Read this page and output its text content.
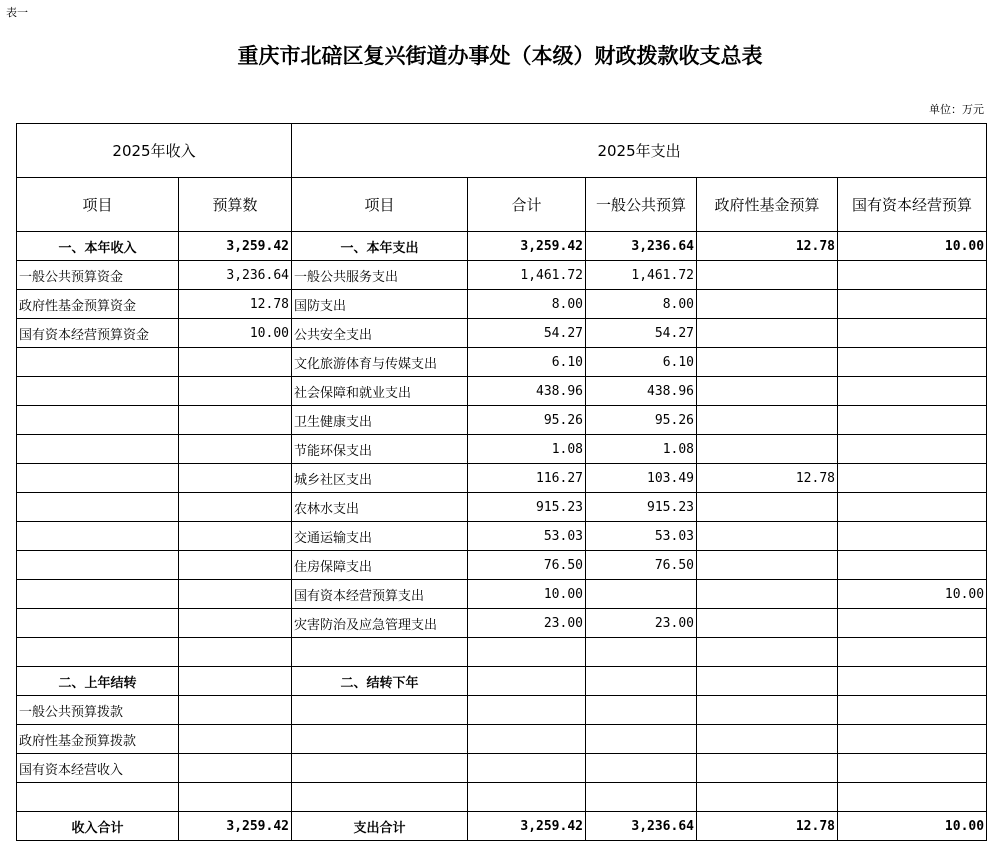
表一
重庆市北碚区复兴街道办事处（本级）财政拨款收支总表
单位：万元
2025年收入		2025年支出				
项目	预算数	项目	合计	一般公共预算	政府性基金预算	国有资本经营预算
一、本年收入	3,259.42	一、本年支出	3,259.42	3,236.64	12.78	10.00
一般公共预算资金	3,236.64	一般公共服务支出	1,461.72	1,461.72		
政府性基金预算资金	12.78	国防支出	8.00	8.00		
国有资本经营预算资金	10.00	公共安全支出	54.27	54.27		
		文化旅游体育与传媒支出	6.10	6.10		
		社会保障和就业支出	438.96	438.96		
		卫生健康支出	95.26	95.26		
		节能环保支出	1.08	1.08		
		城乡社区支出	116.27	103.49	12.78	
		农林水支出	915.23	915.23		
		交通运输支出	53.03	53.03		
		住房保障支出	76.50	76.50		
		国有资本经营预算支出	10.00			10.00
		灾害防治及应急管理支出	23.00	23.00		

二、上年结转		二、结转下年				
一般公共预算拨款						
政府性基金预算拨款						
国有资本经营收入						

收入合计	3,259.42	支出合计	3,259.42	3,236.64	12.78	10.00
